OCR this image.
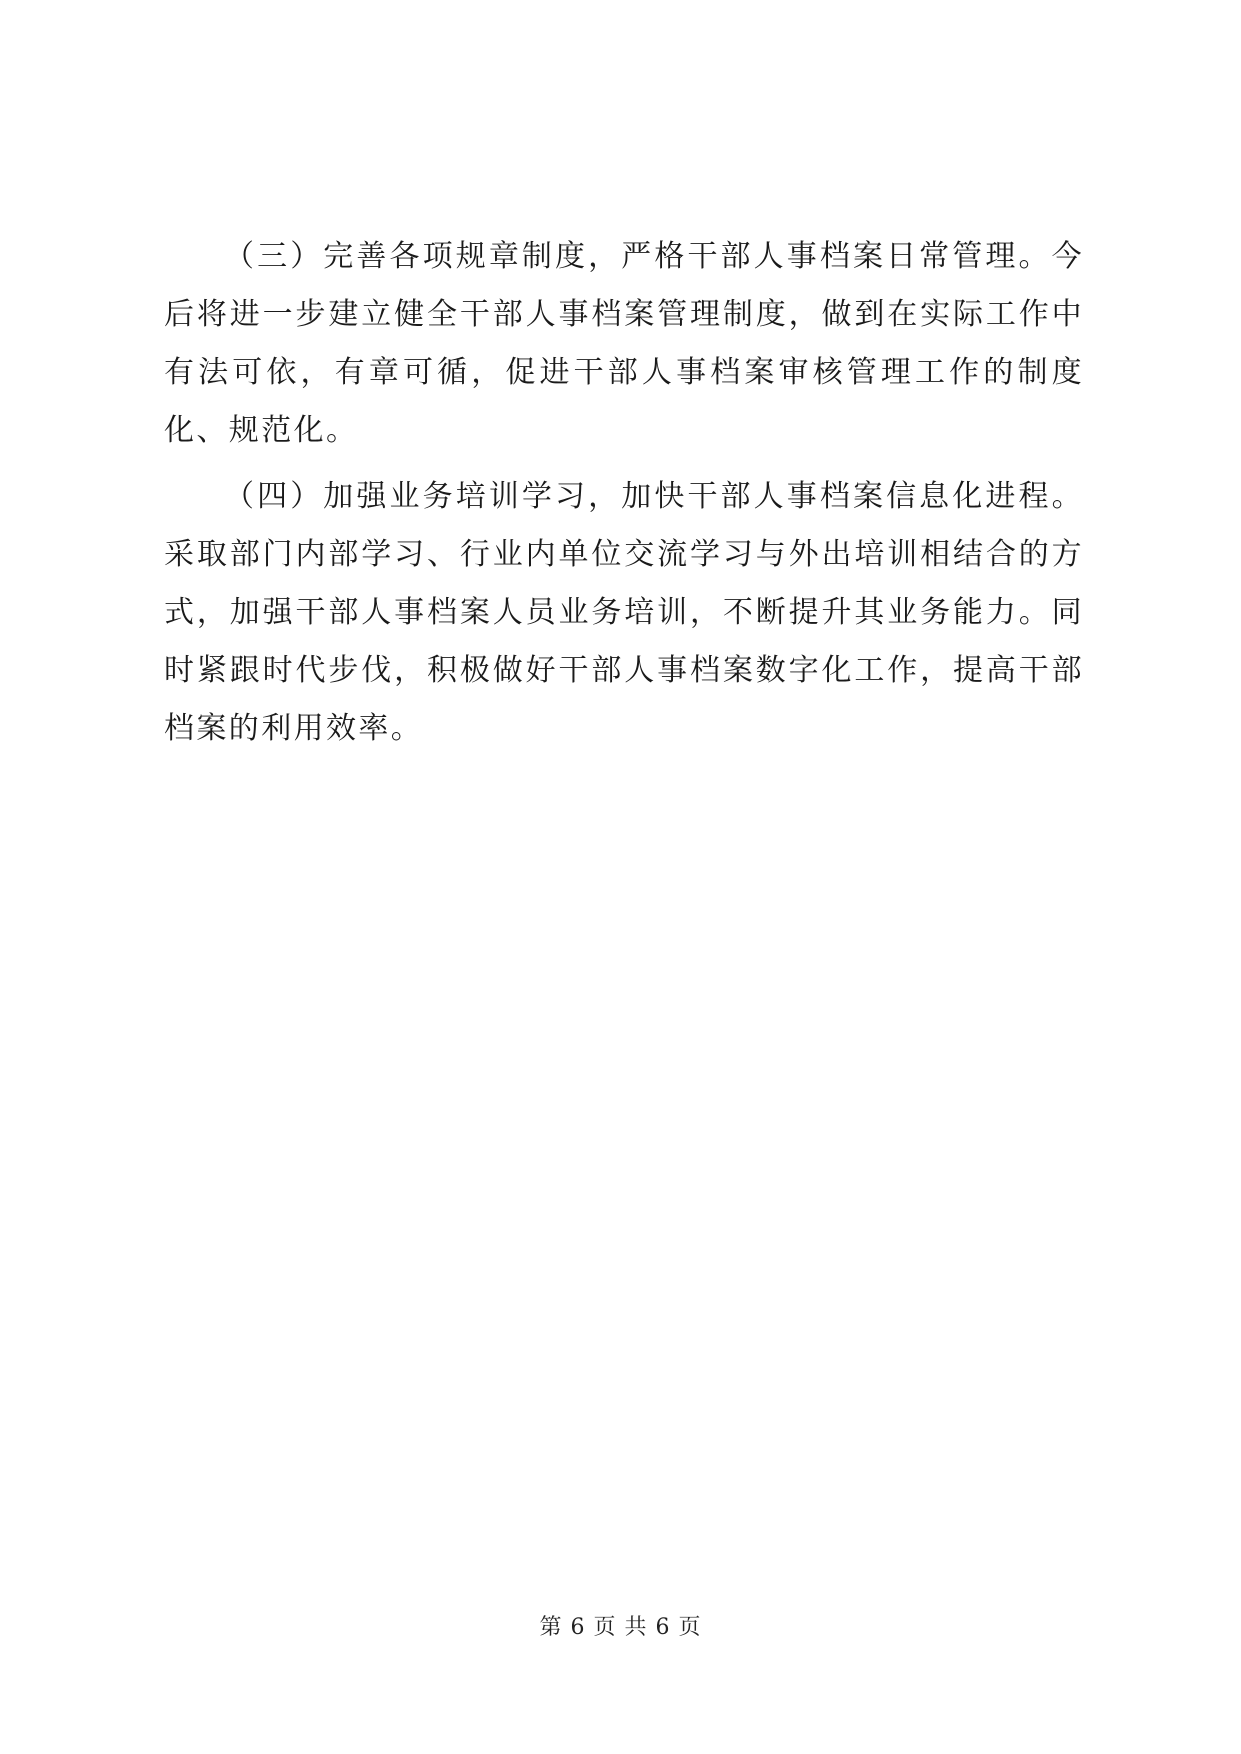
（三）完善各项规章制度，严格干部人事档案日常管理。今后将进一步建立健全干部人事档案管理制度，做到在实际工作中有法可依，有章可循，促进干部人事档案审核管理工作的制度化、规范化。

（四）加强业务培训学习，加快干部人事档案信息化进程。采取部门内部学习、行业内单位交流学习与外出培训相结合的方式，加强干部人事档案人员业务培训，不断提升其业务能力。同时紧跟时代步伐，积极做好干部人事档案数字化工作，提高干部档案的利用效率。

第 6 页 共 6 页
